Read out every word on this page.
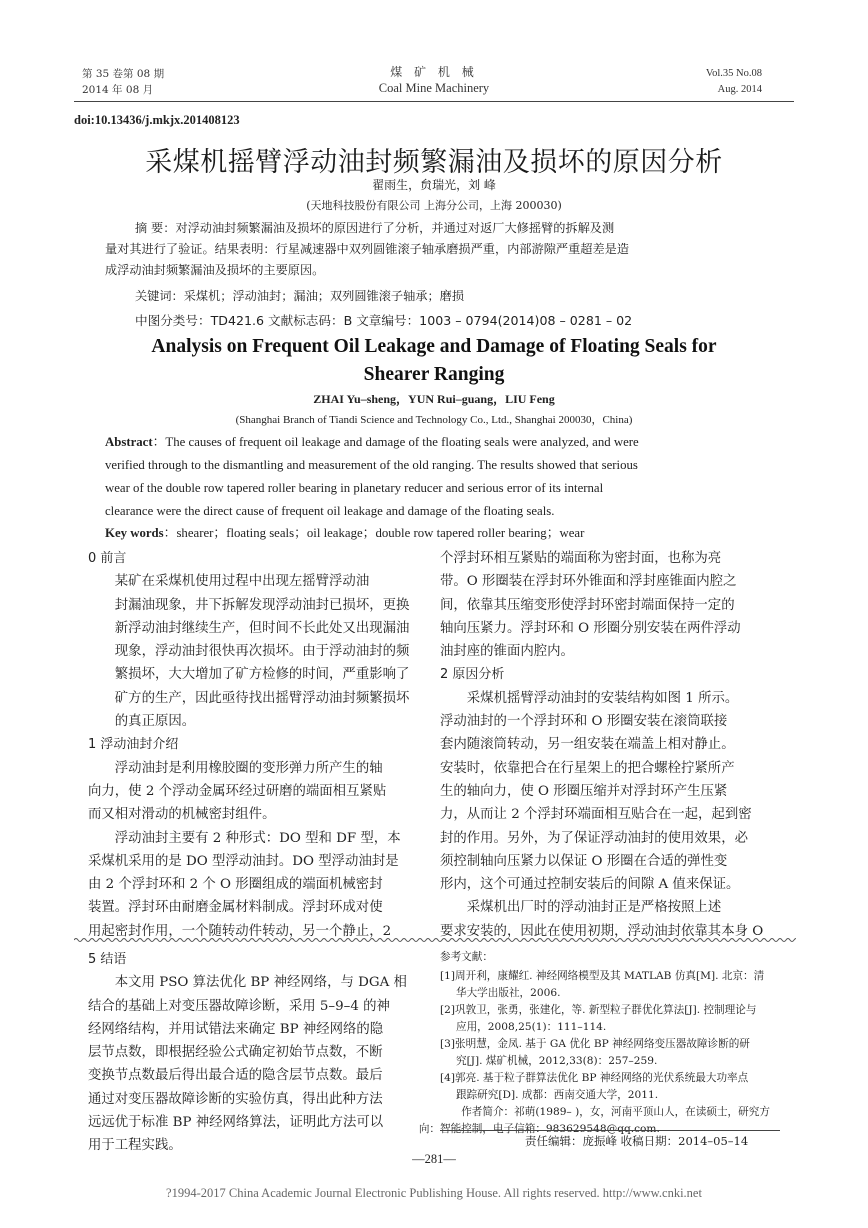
第 35 卷第 08 期
2014 年 08 月
煤 矿 机 械
Coal Mine Machinery
Vol.35 No.08
Aug. 2014
doi:10.13436/j.mkjx.201408123
采煤机摇臂浮动油封频繁漏油及损坏的原因分析
翟雨生，贠瑞光，刘 峰
(天地科技股份有限公司 上海分公司，上海 200030)
摘 要：对浮动油封频繁漏油及损坏的原因进行了分析，并通过对返厂大修摇臂的拆解及测
量对其进行了验证。结果表明：行星减速器中双列圆锥滚子轴承磨损严重，内部游隙严重超差是造
成浮动油封频繁漏油及损坏的主要原因。
关键词：采煤机；浮动油封；漏油；双列圆锥滚子轴承；磨损
中图分类号：TD421.6 文献标志码：B 文章编号：1003 – 0794(2014)08 – 0281 – 02
Analysis on Frequent Oil Leakage and Damage of Floating Seals for
Shearer Ranging
ZHAI Yu–sheng，YUN Rui–guang，LIU Feng
(Shanghai Branch of Tiandi Science and Technology Co., Ltd., Shanghai 200030，China)
Abstract：The causes of frequent oil leakage and damage of the floating seals were analyzed, and were
verified through to the dismantling and measurement of the old ranging. The results showed that serious
wear of the double row tapered roller bearing in planetary reducer and serious error of its internal
clearance were the direct cause of frequent oil leakage and damage of the floating seals.
Key words：shearer；floating seals；oil leakage；double row tapered roller bearing；wear

0 前言

某矿在采煤机使用过程中出现左摇臂浮动油
封漏油现象，井下拆解发现浮动油封已损坏，更换
新浮动油封继续生产，但时间不长此处又出现漏油
现象，浮动油封很快再次损坏。由于浮动油封的频
繁损坏，大大增加了矿方检修的时间，严重影响了
矿方的生产，因此亟待找出摇臂浮动油封频繁损坏
的真正原因。

1 浮动油封介绍

浮动油封是利用橡胶圈的变形弹力所产生的轴
向力，使 2 个浮动金属环经过研磨的端面相互紧贴
而又相对滑动的机械密封组件。
浮动油封主要有 2 种形式：DO 型和 DF 型，本
采煤机采用的是 DO 型浮动油封。DO 型浮动油封是
由 2 个浮封环和 2 个 O 形圈组成的端面机械密封
装置。浮封环由耐磨金属材料制成。浮封环成对使
用起密封作用，一个随转动件转动，另一个静止，2
个浮封环相互紧贴的端面称为密封面，也称为亮
带。O 形圈装在浮封环外锥面和浮封座锥面内腔之
间，依靠其压缩变形使浮封环密封端面保持一定的
轴向压紧力。浮封环和 O 形圈分别安装在两件浮动
油封座的锥面内腔内。

2 原因分析

采煤机摇臂浮动油封的安装结构如图 1 所示。
浮动油封的一个浮封环和 O 形圈安装在滚筒联接
套内随滚筒转动，另一组安装在端盖上相对静止。
安装时，依靠把合在行星架上的把合螺栓拧紧所产
生的轴向力，使 O 形圈压缩并对浮封环产生压紧
力，从而让 2 个浮封环端面相互贴合在一起，起到密
封的作用。另外，为了保证浮动油封的使用效果，必
须控制轴向压紧力以保证 O 形圈在合适的弹性变
形内，这个可通过控制安装后的间隙 A 值来保证。
采煤机出厂时的浮动油封正是严格按照上述
要求安装的，因此在使用初期，浮动油封依靠其本身 O

5 结语

本文用 PSO 算法优化 BP 神经网络，与 DGA 相
结合的基础上对变压器故障诊断，采用 5–9–4 的神
经网络结构，并用试错法来确定 BP 神经网络的隐
层节点数，即根据经验公式确定初始节点数，不断
变换节点数最后得出最合适的隐含层节点数。最后
通过对变压器故障诊断的实验仿真，得出此种方法
远远优于标准 BP 神经网络算法，证明此方法可以
用于工程实践。
参考文献：
[1]周开利，康耀红. 神经网络模型及其 MATLAB 仿真[M]. 北京：清
华大学出版社，2006.
[2]巩敦卫，张勇，张建化，等. 新型粒子群优化算法[J]. 控制理论与
应用，2008,25(1)：111–114.
[3]张明慧，金凤. 基于 GA 优化 BP 神经网络变压器故障诊断的研
究[J]. 煤矿机械，2012,33(8)：257–259.
[4]郭亮. 基于粒子群算法优化 BP 神经网络的光伏系统最大功率点
跟踪研究[D]. 成都：西南交通大学，2011.
作者简介：祁萌(1989– )，女，河南平顶山人，在读硕士，研究方
向：智能控制，电子信箱：983629548@qq.com.
责任编辑：庞振峰 收稿日期：2014–05–14
—281—
?1994-2017 China Academic Journal Electronic Publishing House. All rights reserved. http://www.cnki.net
